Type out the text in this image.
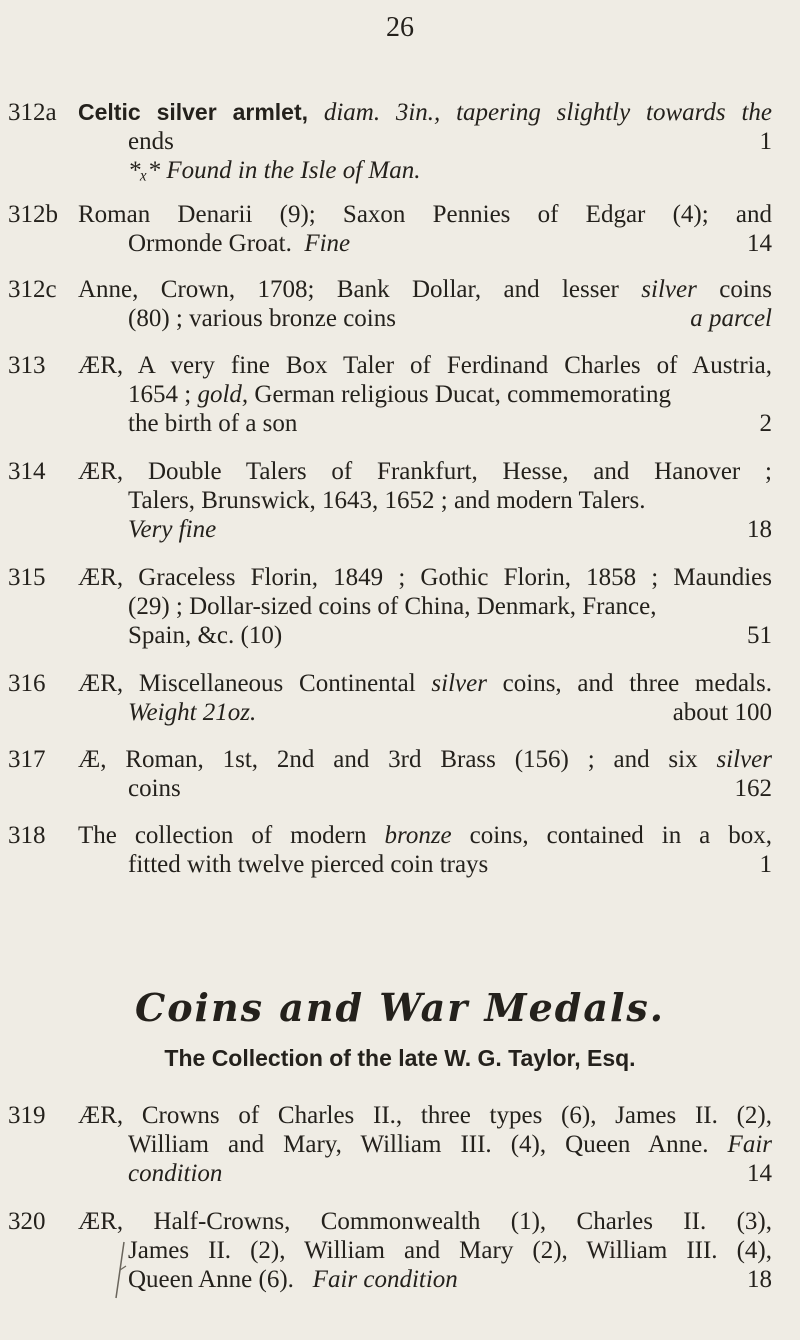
26
312a Celtic silver armlet, diam. 3in., tapering slightly towards the
ends	1
*ₓ* Found in the Isle of Man.
312b Roman Denarii (9); Saxon Pennies of Edgar (4); and
Ormonde Groat. Fine	14
312c Anne, Crown, 1708; Bank Dollar, and lesser silver coins
(80) ; various bronze coins	a parcel
313 ÆR, A very fine Box Taler of Ferdinand Charles of Austria,
1654 ; gold, German religious Ducat, commemorating
the birth of a son	2
314 ÆR, Double Talers of Frankfurt, Hesse, and Hanover ;
Talers, Brunswick, 1643, 1652 ; and modern Talers.
Very fine	18
315 ÆR, Graceless Florin, 1849 ; Gothic Florin, 1858 ; Maundies
(29) ; Dollar-sized coins of China, Denmark, France,
Spain, &c. (10)	51
316 ÆR, Miscellaneous Continental silver coins, and three medals.
Weight 21oz.	about 100
317 Æ, Roman, 1st, 2nd and 3rd Brass (156) ; and six silver
coins	162
318 The collection of modern bronze coins, contained in a box,
fitted with twelve pierced coin trays	1
Coins and War Medals.
The Collection of the late W. G. Taylor, Esq.
319 ÆR, Crowns of Charles II., three types (6), James II. (2),
William and Mary, William III. (4), Queen Anne. Fair
condition	14
320 ÆR, Half-Crowns, Commonwealth (1), Charles II. (3),
James II. (2), William and Mary (2), William III. (4),
Queen Anne (6). Fair condition	18
